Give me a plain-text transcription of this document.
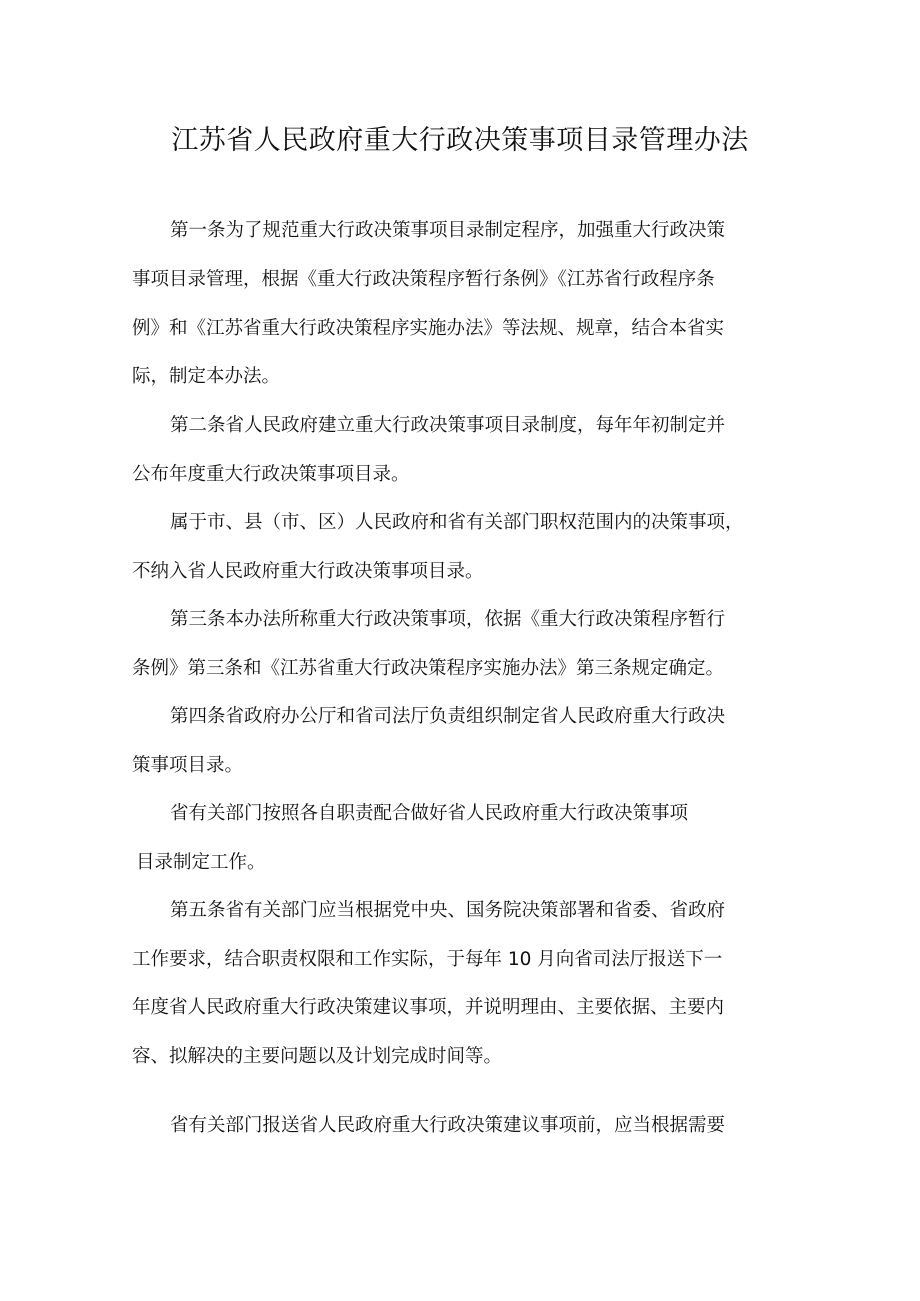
江苏省人民政府重大行政决策事项目录管理办法

第一条为了规范重大行政决策事项目录制定程序，加强重大行政决策

事项目录管理，根据《重大行政决策程序暂行条例》《江苏省行政程序条

例》和《江苏省重大行政决策程序实施办法》等法规、规章，结合本省实

际，制定本办法。

第二条省人民政府建立重大行政决策事项目录制度，每年年初制定并

公布年度重大行政决策事项目录。

属于市、县（市、区）人民政府和省有关部门职权范围内的决策事项，

不纳入省人民政府重大行政决策事项目录。

第三条本办法所称重大行政决策事项，依据《重大行政决策程序暂行

条例》第三条和《江苏省重大行政决策程序实施办法》第三条规定确定。

第四条省政府办公厅和省司法厅负责组织制定省人民政府重大行政决

策事项目录。

省有关部门按照各自职责配合做好省人民政府重大行政决策事项

目录制定工作。

第五条省有关部门应当根据党中央、国务院决策部署和省委、省政府

工作要求，结合职责权限和工作实际，于每年 10 月向省司法厅报送下一

年度省人民政府重大行政决策建议事项，并说明理由、主要依据、主要内

容、拟解决的主要问题以及计划完成时间等。

省有关部门报送省人民政府重大行政决策建议事项前，应当根据需要
